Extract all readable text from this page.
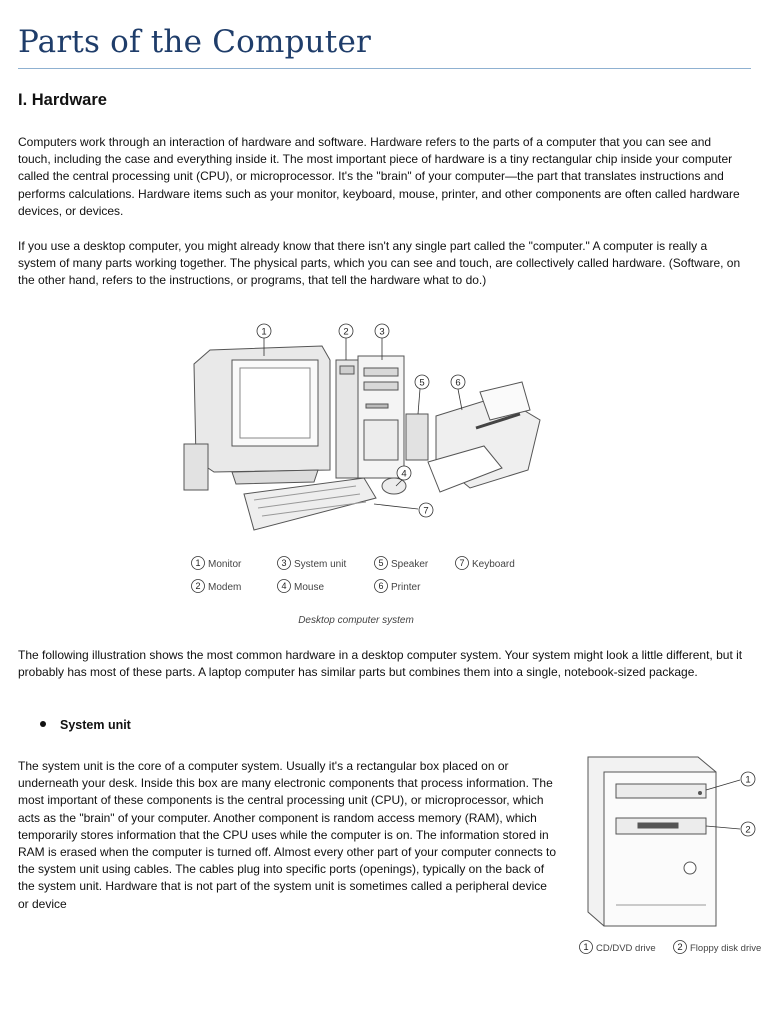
Parts of the Computer
I. Hardware

Computers work through an interaction of hardware and software. Hardware refers to the parts of a computer that you can see and touch, including the case and everything inside it. The most important piece of hardware is a tiny rectangular chip inside your computer called the central processing unit (CPU), or microprocessor. It's the "brain" of your computer—the part that translates instructions and performs calculations. Hardware items such as your monitor, keyboard, mouse, printer, and other components are often called hardware devices, or devices.

If you use a desktop computer, you might already know that there isn't any single part called the "computer." A computer is really a system of many parts working together. The physical parts, which you can see and touch, are collectively called hardware. (Software, on the other hand, refers to the instructions, or programs, that tell the hardware what to do.)

1	2	3
4
5	6
7
1	3	5	7
2	4	6
Monitor	System unit	Speaker	Keyboard
Modem	Mouse	Printer
Desktop computer system

The following illustration shows the most common hardware in a desktop computer system. Your system might look a little different, but it probably has most of these parts. A laptop computer has similar parts but combines them into a single, notebook-sized package.

System unit

The system unit is the core of a computer system. Usually it's a rectangular box placed on or underneath your desk. Inside this box are many electronic components that process information. The most important of these components is the central processing unit (CPU), or microprocessor, which acts as the "brain" of your computer. Another component is random access memory (RAM), which temporarily stores information that the CPU uses while the computer is on. The information stored in RAM is erased when the computer is turned off. Almost every other part of your computer connects to the system unit using cables. The cables plug into specific ports (openings), typically on the back of the system unit. Hardware that is not part of the system unit is sometimes called a peripheral device or device

1
2
1	2
CD/DVD drive	Floppy disk drive
